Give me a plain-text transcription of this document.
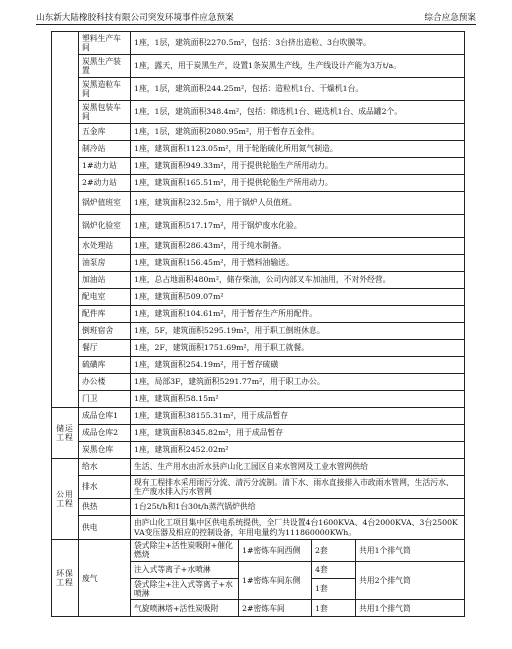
山东新大陆橡胶科技有限公司突发环境事件应急预案	综合应急预案
	塑料生产车间	1座，1层，建筑面积2270.5m²，包括：3台挤出造粒、3台吹膜等。			
	炭黑生产装置	1座，露天，用于炭黑生产，设置1条炭黑生产线，生产线设计产能为3万t/a。			
	炭黑造粒车间	1座，1层，建筑面积244.25m²，包括：造粒机1台、干燥机1台。			
	炭黑包装车间	1座，1层，建筑面积348.4m²，包括：筛选机1台、磁选机1台、成品罐2个。			
	五金库	1座，1层，建筑面积2080.95m²，用于暂存五金件。			
	制冷站	1座，建筑面积1123.05m²，用于轮胎硫化所用氮气制造。			
	1#动力站	1座，建筑面积949.33m²，用于提供轮胎生产所用动力。			
	2#动力站	1座，建筑面积165.51m²，用于提供轮胎生产所用动力。			
	锅炉值班室	1座，建筑面积232.5m²，用于锅炉人员值班。			
	锅炉化验室	1座，建筑面积517.17m²，用于锅炉废水化验。			
	水处理站	1座，建筑面积286.43m²，用于纯水制备。			
	油泵房	1座，建筑面积156.45m²，用于燃料油输送。			
	加油站	1座，总占地面积480m²，储存柴油，公司内部叉车加油用，不对外经营。			
	配电室	1座，建筑面积509.07m²			
	配件库	1座，建筑面积104.61m²，用于暂存生产所用配件。			
	倒班宿舍	1座，5F，建筑面积5295.19m²，用于职工倒班休息。			
	餐厅	1座，2F，建筑面积1751.69m²，用于职工就餐。			
	硫磺库	1座，建筑面积254.19m²，用于暂存硫磺			
	办公楼	1座，局部3F，建筑面积5291.77m²，用于职工办公。			
	门卫	1座，建筑面积58.15m²			
储运工程	成品仓库1	1座，建筑面积38155.31m²，用于成品暂存			
	成品仓库2	1座，建筑面积8345.82m²，用于成品暂存			
	炭黑仓库	1座，建筑面积2452.02m²			
公用工程	给水	生活、生产用水由沂水县庐山化工园区自来水管网及工业水管网供给			
	排水	现有工程排水采用雨污分流、清污分流制。清下水、雨水直接排入市政雨水管网，生活污水、生产废水排入污水管网			
	供热	1台25t/h和1台30t/h蒸汽锅炉供给			
	供电	由庐山化工项目集中区供电系统提供，全厂共设置4台1600KVA、4台2000KVA、3台2500KVA变压器及相应的控制设备，年用电量约为111860000KWh。			
环保工程	废气	袋式除尘+活性炭吸附+催化燃烧	1#密炼车间西侧	2套	共用1个排气筒
		注入式等离子+水喷淋	1#密炼车间东侧	4套	共用2个排气筒
		袋式除尘+注入式等离子+水喷淋		1套	
		气旋喷淋塔+活性炭吸附	2#密炼车间	1套	共用1个排气筒
